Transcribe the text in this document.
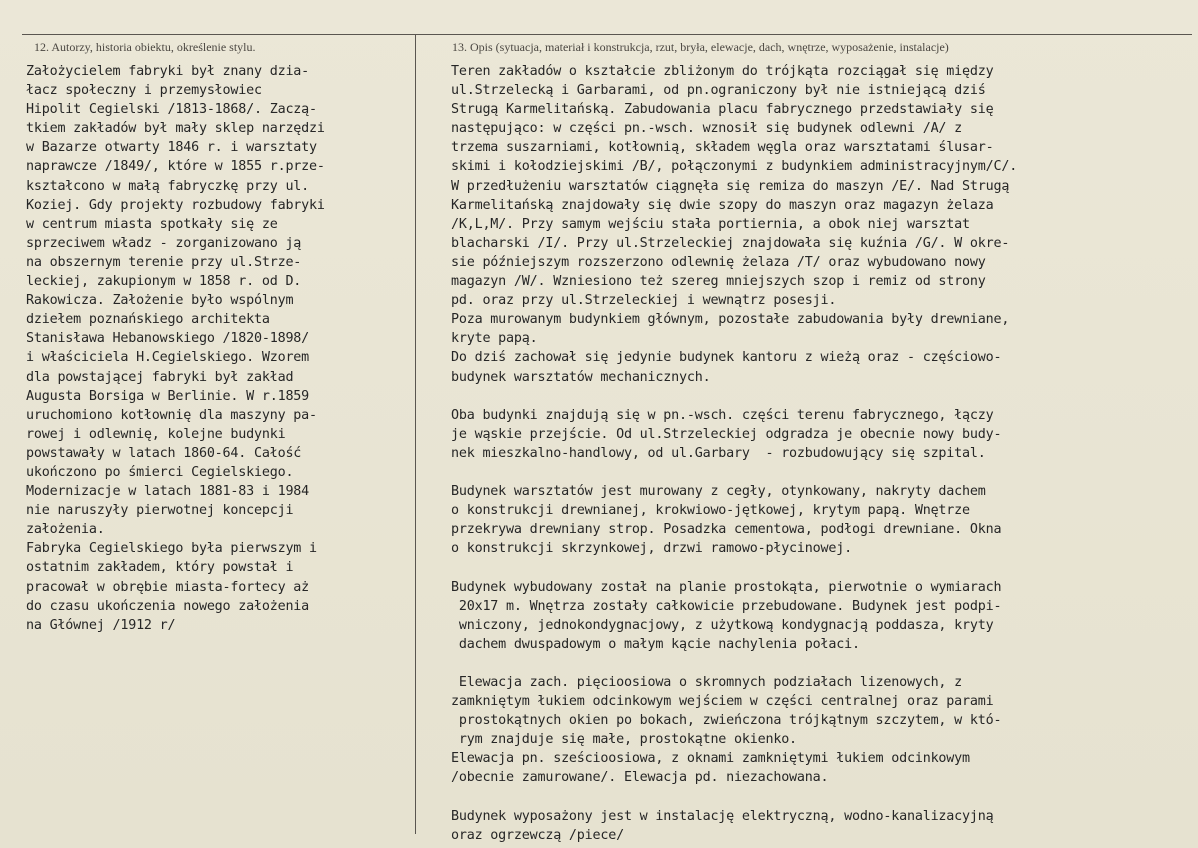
12. Autorzy, historia obiektu, określenie stylu.	13. Opis (sytuacja, materiał i konstrukcja, rzut, bryła, elewacje, dach, wnętrze, wyposażenie, instalacje)
Założycielem fabryki był znany dzia-
łacz społeczny i przemysłowiec
Hipolit Cegielski /1813-1868/. Zaczą-
tkiem zakładów był mały sklep narzędzi
w Bazarze otwarty 1846 r. i warsztaty
naprawcze /1849/, które w 1855 r.prze-
kształcono w małą fabryczkę przy ul.
Koziej. Gdy projekty rozbudowy fabryki
w centrum miasta spotkały się ze
sprzeciwem władz - zorganizowano ją
na obszernym terenie przy ul.Strze-
leckiej, zakupionym w 1858 r. od D.
Rakowicza. Założenie było wspólnym
dziełem poznańskiego architekta
Stanisława Hebanowskiego /1820-1898/
i właściciela H.Cegielskiego. Wzorem
dla powstającej fabryki był zakład
Augusta Borsiga w Berlinie. W r.1859
uruchomiono kotłownię dla maszyny pa-
rowej i odlewnię, kolejne budynki
powstawały w latach 1860-64. Całość
ukończono po śmierci Cegielskiego.
Modernizacje w latach 1881-83 i 1984
nie naruszyły pierwotnej koncepcji
założenia.
Fabryka Cegielskiego była pierwszym i
ostatnim zakładem, który powstał i
pracował w obrębie miasta-fortecy aż
do czasu ukończenia nowego założenia
na Głównej /1912 r/
Teren zakładów o kształcie zbliżonym do trójkąta rozciągał się między
ul.Strzelecką i Garbarami, od pn.ograniczony był nie istniejącą dziś
Strugą Karmelitańską. Zabudowania placu fabrycznego przedstawiały się
następująco: w części pn.-wsch. wznosił się budynek odlewni /A/ z
trzema suszarniami, kotłownią, składem węgla oraz warsztatami ślusar-
skimi i kołodziejskimi /B/, połączonymi z budynkiem administracyjnym/C/.
W przedłużeniu warsztatów ciągnęła się remiza do maszyn /E/. Nad Strugą
Karmelitańską znajdowały się dwie szopy do maszyn oraz magazyn żelaza
/K,L,M/. Przy samym wejściu stała portiernia, a obok niej warsztat
blacharski /I/. Przy ul.Strzeleckiej znajdowała się kuźnia /G/. W okre-
sie późniejszym rozszerzono odlewnię żelaza /T/ oraz wybudowano nowy
magazyn /W/. Wzniesiono też szereg mniejszych szop i remiz od strony
pd. oraz przy ul.Strzeleckiej i wewnątrz posesji.
Poza murowanym budynkiem głównym, pozostałe zabudowania były drewniane,
kryte papą.
Do dziś zachował się jedynie budynek kantoru z wieżą oraz - częściowo-
budynek warsztatów mechanicznych.
Oba budynki znajdują się w pn.-wsch. części terenu fabrycznego, łączy
je wąskie przejście. Od ul.Strzeleckiej odgradza je obecnie nowy budy-
nek mieszkalno-handlowy, od ul.Garbary  - rozbudowujący się szpital.
Budynek warsztatów jest murowany z cegły, otynkowany, nakryty dachem
o konstrukcji drewnianej, krokwiowo-jętkowej, krytym papą. Wnętrze
przekrywa drewniany strop. Posadzka cementowa, podłogi drewniane. Okna
o konstrukcji skrzynkowej, drzwi ramowo-płycinowej.
Budynek wybudowany został na planie prostokąta, pierwotnie o wymiarach
20x17 m. Wnętrza zostały całkowicie przebudowane. Budynek jest podpi-
wniczony, jednokondygnacjowy, z użytkową kondygnacją poddasza, kryty
dachem dwuspadowym o małym kącie nachylenia połaci.
Elewacja zach. pięcioosiowa o skromnych podziałach lizenowych, z
zamkniętym łukiem odcinkowym wejściem w części centralnej oraz parami
prostokątnych okien po bokach, zwieńczona trójkątnym szczytem, w któ-
rym znajduje się małe, prostokątne okienko.
Elewacja pn. sześcioosiowa, z oknami zamkniętymi łukiem odcinkowym
/obecnie zamurowane/. Elewacja pd. niezachowana.
Budynek wyposażony jest w instalację elektryczną, wodno-kanalizacyjną
oraz ogrzewczą /piece/
